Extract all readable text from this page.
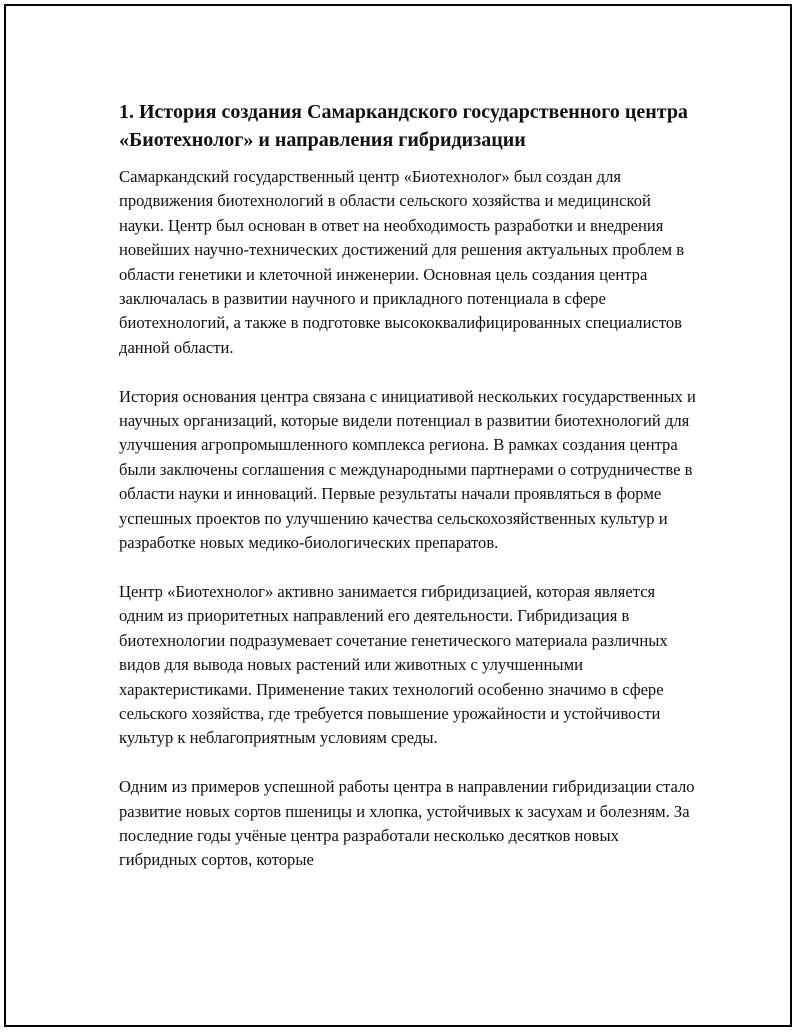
1. История создания Самаркандского государственного центра «Биотехнолог» и направления гибридизации

Самаркандский государственный центр «Биотехнолог» был создан для продвижения биотехнологий в области сельского хозяйства и медицинской науки. Центр был основан в ответ на необходимость разработки и внедрения новейших научно-технических достижений для решения актуальных проблем в области генетики и клеточной инженерии. Основная цель создания центра заключалась в развитии научного и прикладного потенциала в сфере биотехнологий, а также в подготовке высококвалифицированных специалистов данной области.

История основания центра связана с инициативой нескольких государственных и научных организаций, которые видели потенциал в развитии биотехнологий для улучшения агропромышленного комплекса региона. В рамках создания центра были заключены соглашения с международными партнерами о сотрудничестве в области науки и инноваций. Первые результаты начали проявляться в форме успешных проектов по улучшению качества сельскохозяйственных культур и разработке новых медико-биологических препаратов.

Центр «Биотехнолог» активно занимается гибридизацией, которая является одним из приоритетных направлений его деятельности. Гибридизация в биотехнологии подразумевает сочетание генетического материала различных видов для вывода новых растений или животных с улучшенными характеристиками. Применение таких технологий особенно значимо в сфере сельского хозяйства, где требуется повышение урожайности и устойчивости культур к неблагоприятным условиям среды.

Одним из примеров успешной работы центра в направлении гибридизации стало развитие новых сортов пшеницы и хлопка, устойчивых к засухам и болезням. За последние годы учёные центра разработали несколько десятков новых гибридных сортов, которые
